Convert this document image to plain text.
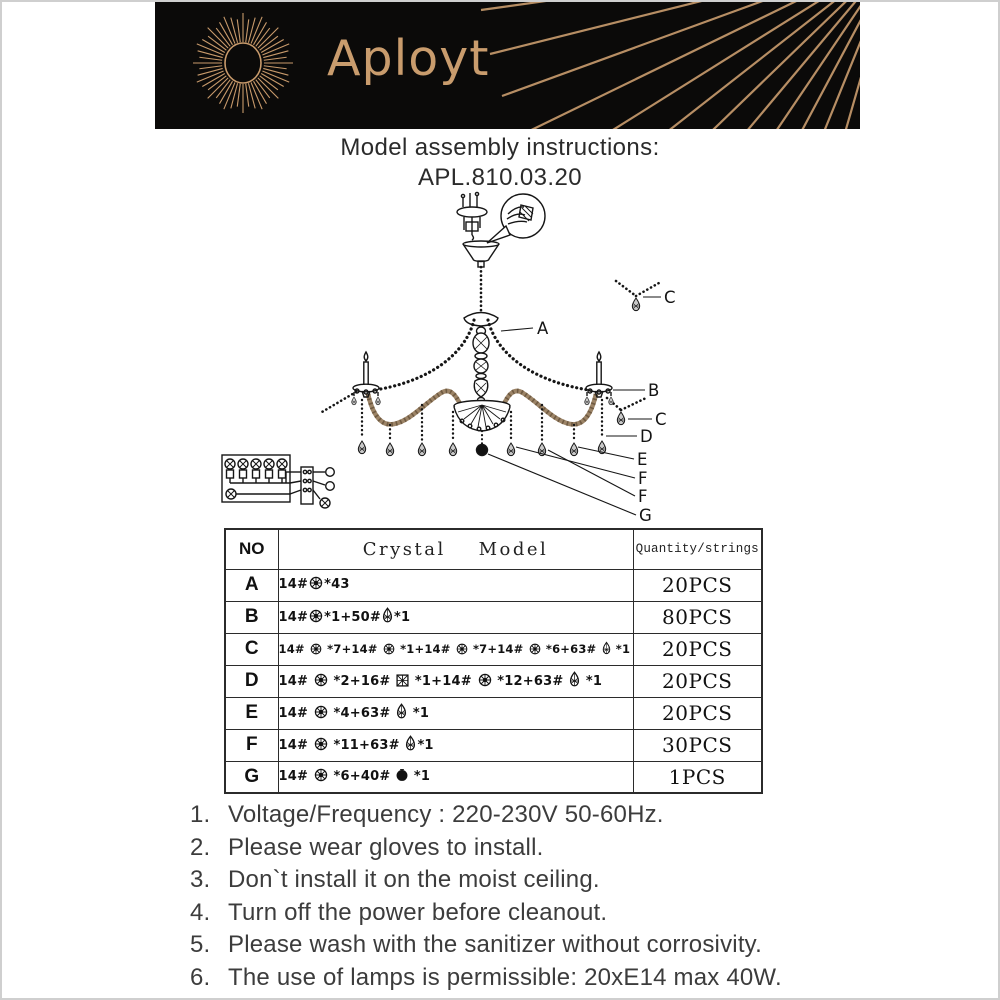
Aployt
Model assembly instructions:
APL.810.03.20
A
B
C
C
D
E
F
F
G
NO	Crystal    Model	Quantity/strings
A	14# *43	20PCS
B	14# *1+50# *1	80PCS
C	14#  *7+14#  *1+14#  *7+14#  *6+63#  *1	20PCS
D	14#  *2+16#  *1+14#  *12+63#  *1	20PCS
E	14#  *4+63#  *1	20PCS
F	14#  *11+63# *1	30PCS
G	14#  *6+40#  *1	1PCS
1. Voltage/Frequency : 220-230V 50-60Hz.
2. Please wear gloves to install.
3. Don`t install it on the moist ceiling.
4. Turn off the power before cleanout.
5. Please wash with the sanitizer without corrosivity.
6. The use of lamps is permissible: 20xE14 max 40W.
